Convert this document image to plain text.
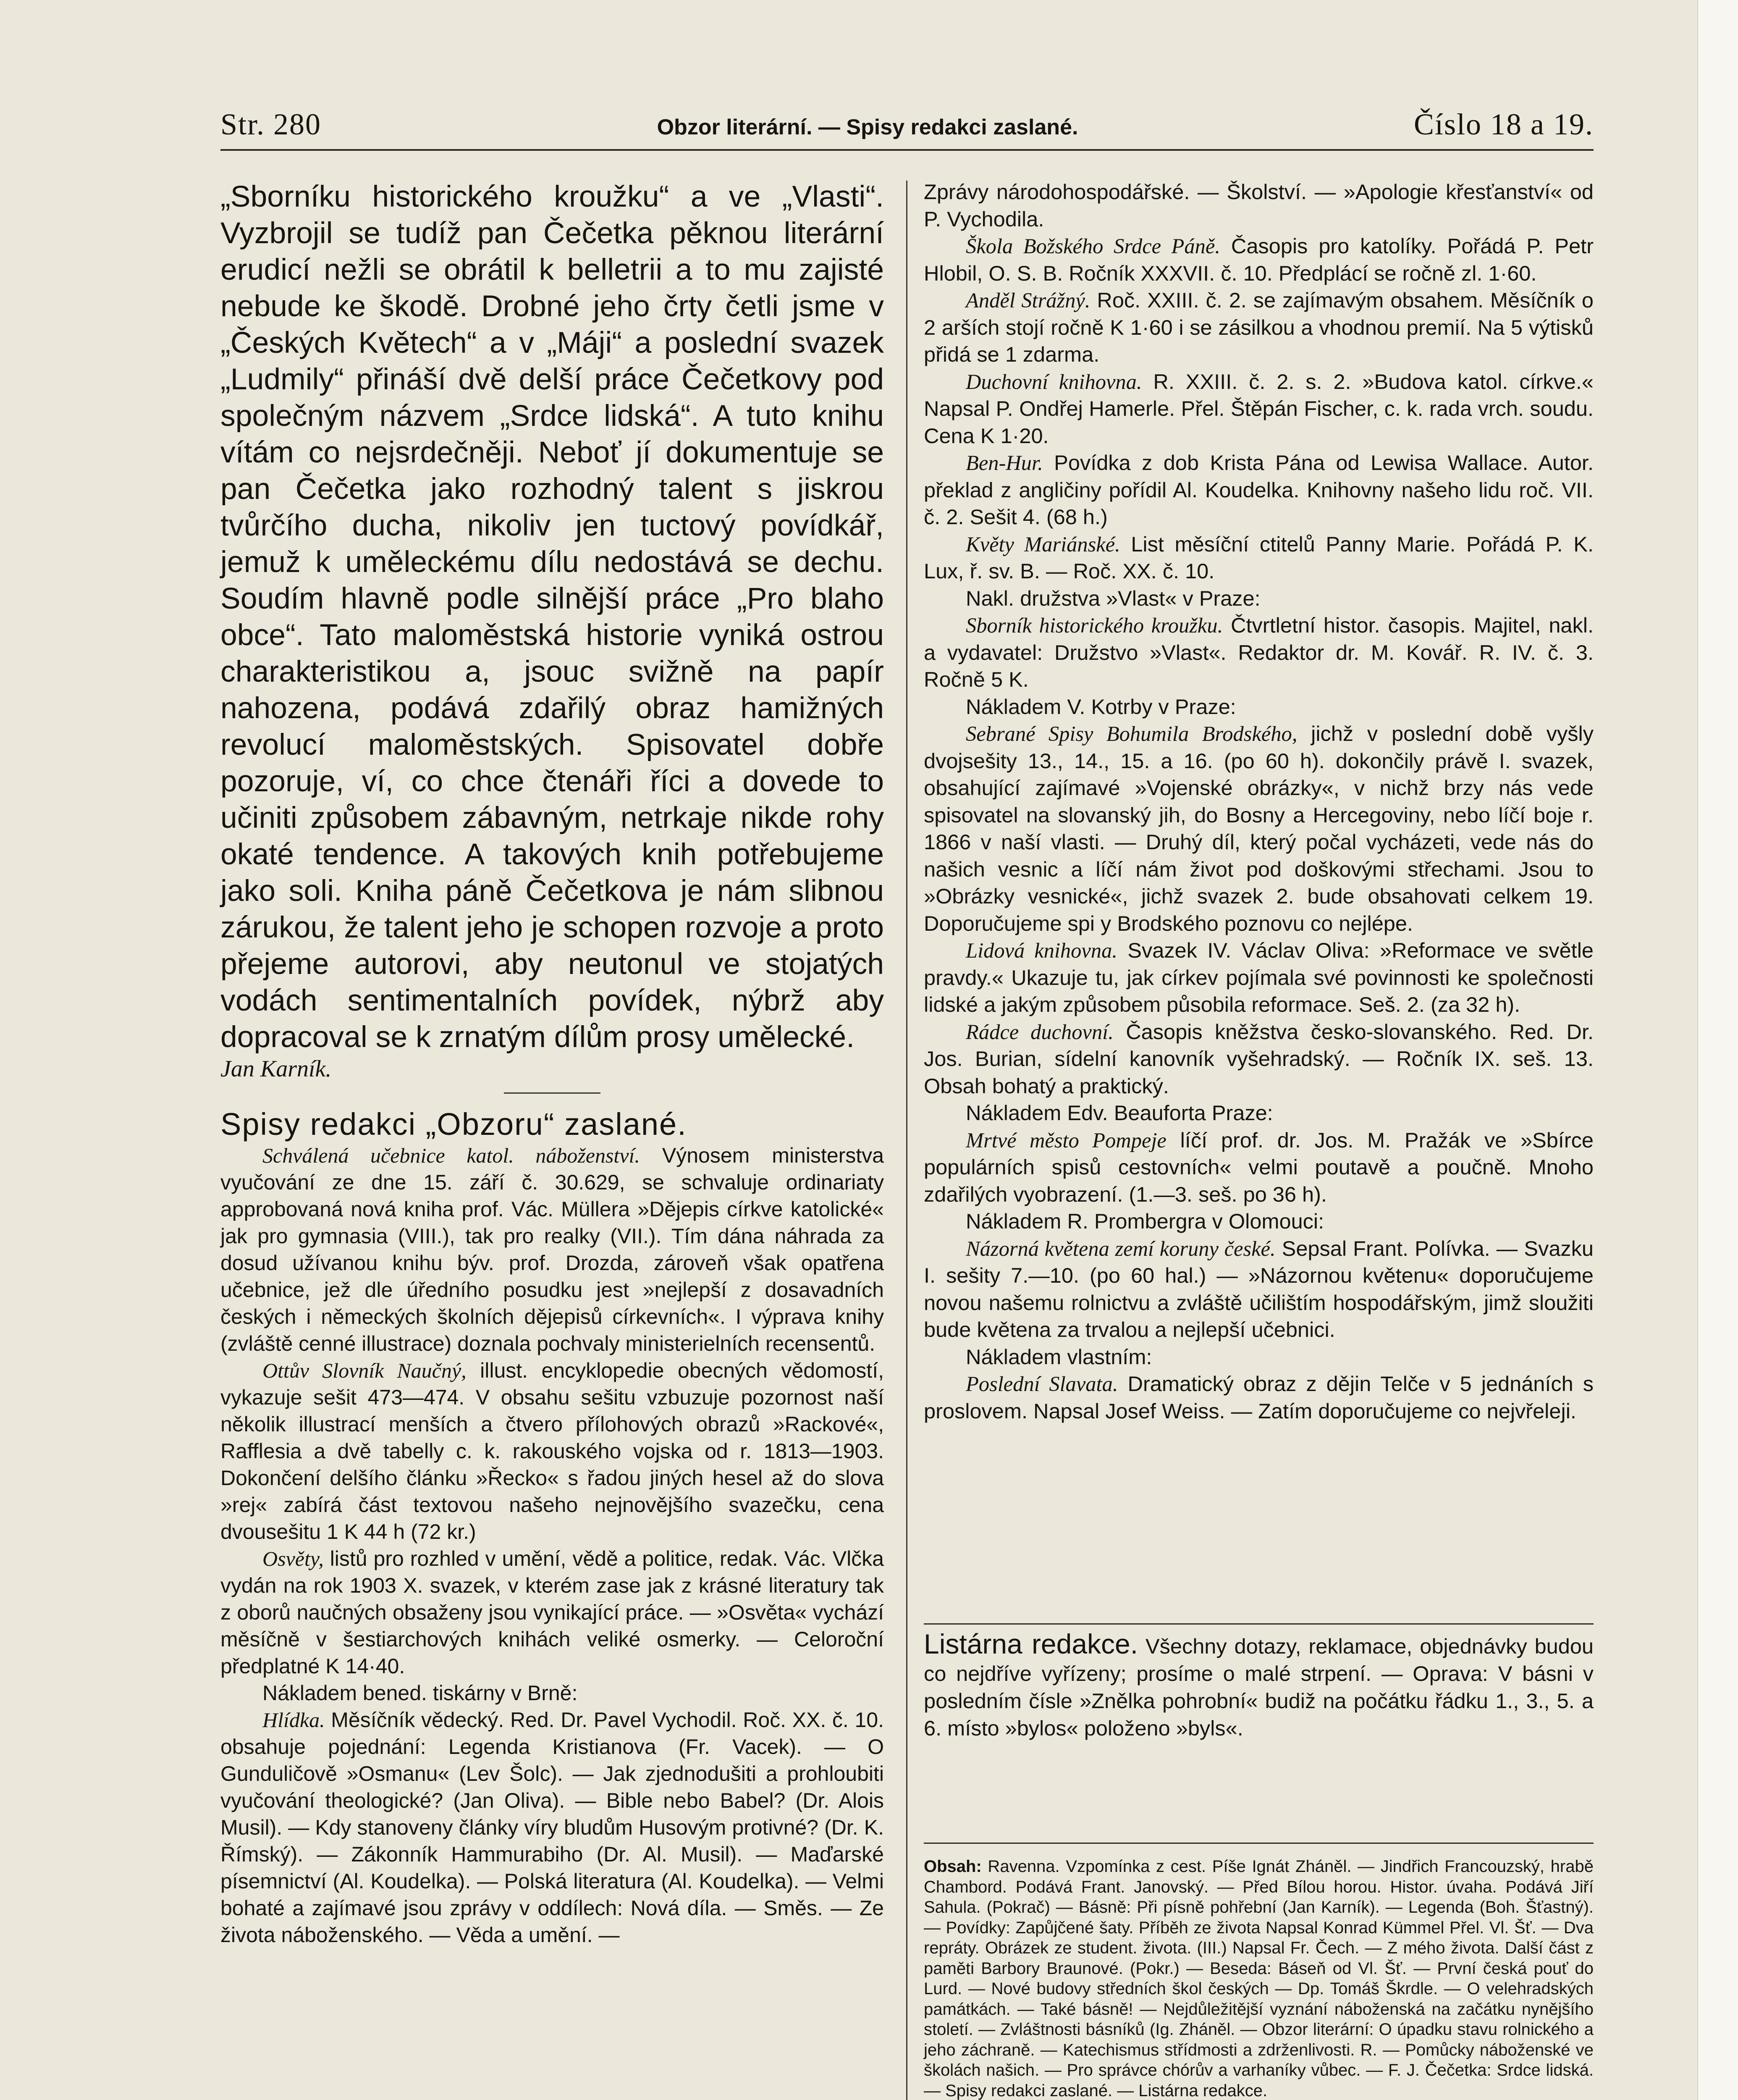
Str. 280	Obzor literární. — Spisy redakci zaslané.	Číslo 18 a 19.

„Sborníku historického kroužku“ a ve „Vlasti“. Vyzbrojil se tudíž pan Čečetka pěknou literární erudicí nežli se obrátil k belletrii a to mu zajisté nebude ke škodě. Drobné jeho črty četli jsme v „Českých Květech“ a v „Máji“ a poslední svazek „Ludmily“ přináší dvě delší práce Čečetkovy pod společným názvem „Srdce lidská“. A tuto knihu vítám co nejsrdečněji. Neboť jí dokumentuje se pan Čečetka jako rozhodný talent s jiskrou tvůrčího ducha, nikoliv jen tuctový povídkář, jemuž k uměleckému dílu nedostává se dechu. Soudím hlavně podle silnější práce „Pro blaho obce“. Tato maloměstská historie vyniká ostrou charakteristikou a, jsouc svižně na papír nahozena, podává zdařilý obraz hamižných revolucí maloměstských. Spisovatel dobře pozoruje, ví, co chce čtenáři říci a dovede to učiniti způsobem zábavným, netrkaje nikde rohy okaté tendence. A takových knih potřebujeme jako soli. Kniha páně Čečetkova je nám slibnou zárukou, že talent jeho je schopen rozvoje a proto přejeme autorovi, aby neutonul ve stojatých vodách sentimentalních povídek, nýbrž aby dopracoval se k zrnatým dílům prosy umělecké.

Jan Karník.

Spisy redakci „Obzoru“ zaslané.

Schválená učebnice katol. náboženství. Výnosem ministerstva vyučování ze dne 15. září č. 30.629, se schvaluje ordinariaty approbovaná nová kniha prof. Vác. Müllera »Dějepis církve katolické« jak pro gymnasia (VIII.), tak pro realky (VII.). Tím dána náhrada za dosud užívanou knihu býv. prof. Drozda, zároveň však opatřena učebnice, jež dle úředního posudku jest »nejlepší z dosavadních českých i německých školních dějepisů církevních«. I výprava knihy (zvláště cenné illustrace) doznala pochvaly ministerielních recensentů.

Ottův Slovník Naučný, illust. encyklopedie obecných vědomostí, vykazuje sešit 473—474. V obsahu sešitu vzbuzuje pozornost naší několik illustrací menších a čtvero přílohových obrazů »Rackové«, Rafflesia a dvě tabelly c. k. rakouského vojska od r. 1813—1903. Dokončení delšího článku »Řecko« s řadou jiných hesel až do slova »rej« zabírá část textovou našeho nejnovějšího svazečku, cena dvousešitu 1 K 44 h (72 kr.)

Osvěty, listů pro rozhled v umění, vědě a politice, redak. Vác. Vlčka vydán na rok 1903 X. svazek, v kterém zase jak z krásné literatury tak z oborů naučných obsaženy jsou vynikající práce. — »Osvěta« vychází měsíčně v šestiarchových knihách veliké osmerky. — Celoroční předplatné K 14·40.

Nákladem bened. tiskárny v Brně:

Hlídka. Měsíčník vědecký. Red. Dr. Pavel Vychodil. Roč. XX. č. 10. obsahuje pojednání: Legenda Kristianova (Fr. Vacek). — O Gunduličově »Osmanu« (Lev Šolc). — Jak zjednodušiti a prohloubiti vyučování theologické? (Jan Oliva). — Bible nebo Babel? (Dr. Alois Musil). — Kdy stanoveny články víry bludům Husovým protivné? (Dr. K. Římský). — Zákonník Hammurabiho (Dr. Al. Musil). — Maďarské písemnictví (Al. Koudelka). — Polská literatura (Al. Koudelka). — Velmi bohaté a zajímavé jsou zprávy v oddílech: Nová díla. — Směs. — Ze života náboženského. — Věda a umění. —

Zprávy národohospodářské. — Školství. — »Apologie křesťanství« od P. Vychodila.

Škola Božského Srdce Páně. Časopis pro katolíky. Pořádá P. Petr Hlobil, O. S. B. Ročník XXXVII. č. 10. Předplácí se ročně zl. 1·60.

Anděl Strážný. Roč. XXIII. č. 2. se zajímavým obsahem. Měsíčník o 2 arších stojí ročně K 1·60 i se zásilkou a vhodnou premií. Na 5 výtisků přidá se 1 zdarma.

Duchovní knihovna. R. XXIII. č. 2. s. 2. »Budova katol. církve.« Napsal P. Ondřej Hamerle. Přel. Štěpán Fischer, c. k. rada vrch. soudu. Cena K 1·20.

Ben-Hur. Povídka z dob Krista Pána od Lewisa Wallace. Autor. překlad z angličiny pořídil Al. Koudelka. Knihovny našeho lidu roč. VII. č. 2. Sešit 4. (68 h.)

Květy Mariánské. List měsíční ctitelů Panny Marie. Pořádá P. K. Lux, ř. sv. B. — Roč. XX. č. 10.

Nakl. družstva »Vlast« v Praze:

Sborník historického kroužku. Čtvrtletní histor. časopis. Majitel, nakl. a vydavatel: Družstvo »Vlast«. Redaktor dr. M. Kovář. R. IV. č. 3. Ročně 5 K.

Nákladem V. Kotrby v Praze:

Sebrané Spisy Bohumila Brodského, jichž v poslední době vyšly dvojsešity 13., 14., 15. a 16. (po 60 h). dokončily právě I. svazek, obsahující zajímavé »Vojenské obrázky«, v nichž brzy nás vede spisovatel na slovanský jih, do Bosny a Hercegoviny, nebo líčí boje r. 1866 v naší vlasti. — Druhý díl, který počal vycházeti, vede nás do našich vesnic a líčí nám život pod doškovými střechami. Jsou to »Obrázky vesnické«, jichž svazek 2. bude obsahovati celkem 19. Doporučujeme spi y Brodského poznovu co nejlépe.

Lidová knihovna. Svazek IV. Václav Oliva: »Reformace ve světle pravdy.« Ukazuje tu, jak církev pojímala své povinnosti ke společnosti lidské a jakým způsobem působila reformace. Seš. 2. (za 32 h).

Rádce duchovní. Časopis kněžstva česko-slovanského. Red. Dr. Jos. Burian, sídelní kanovník vyšehradský. — Ročník IX. seš. 13. Obsah bohatý a praktický.

Nákladem Edv. Beauforta Praze:

Mrtvé město Pompeje líčí prof. dr. Jos. M. Pražák ve »Sbírce populárních spisů cestovních« velmi poutavě a poučně. Mnoho zdařilých vyobrazení. (1.—3. seš. po 36 h).

Nákladem R. Prombergra v Olomouci:

Názorná květena zemí koruny české. Sepsal Frant. Polívka. — Svazku I. sešity 7.—10. (po 60 hal.) — »Názornou květenu« doporučujeme novou našemu rolnictvu a zvláště učilištím hospodářským, jimž sloužiti bude květena za trvalou a nejlepší učebnici.

Nákladem vlastním:

Poslední Slavata. Dramatický obraz z dějin Telče v 5 jednáních s proslovem. Napsal Josef Weiss. — Zatím doporučujeme co nejvřeleji.

Listárna redakce. Všechny dotazy, reklamace, objednávky budou co nejdříve vyřízeny; prosíme o malé strpení. — Oprava: V básni v posledním čísle »Znělka pohrobní« budiž na počátku řádku 1., 3., 5. a 6. místo »bylos« položeno »byls«.

Obsah: Ravenna. Vzpomínka z cest. Píše Ignát Zháněl. — Jindřich Francouzský, hrabě Chambord. Podává Frant. Janovský. — Před Bílou horou. Histor. úvaha. Podává Jiří Sahula. (Pokrač) — Básně: Při písně pohřební (Jan Karník). — Legenda (Boh. Šťastný). — Povídky: Zapůjčené šaty. Příběh ze života Napsal Konrad Kümmel Přel. Vl. Šť. — Dva repráty. Obrázek ze student. života. (III.) Napsal Fr. Čech. — Z mého života. Další část z paměti Barbory Braunové. (Pokr.) — Beseda: Báseň od Vl. Šť. — První česká pouť do Lurd. — Nové budovy středních škol českých — Dp. Tomáš Škrdle. — O velehradských památkách. — Také básně! — Nejdůležitější vyznání náboženská na začátku nynějšího století. — Zvláštnosti básníků (Ig. Zháněl. — Obzor literární: O úpadku stavu rolnického a jeho záchraně. — Katechismus střídmosti a zdrženlivosti. R. — Pomůcky náboženské ve školách našich. — Pro správce chórův a varhaníky vůbec. — F. J. Čečetka: Srdce lidská. — Spisy redakci zaslané. — Listárna redakce.
